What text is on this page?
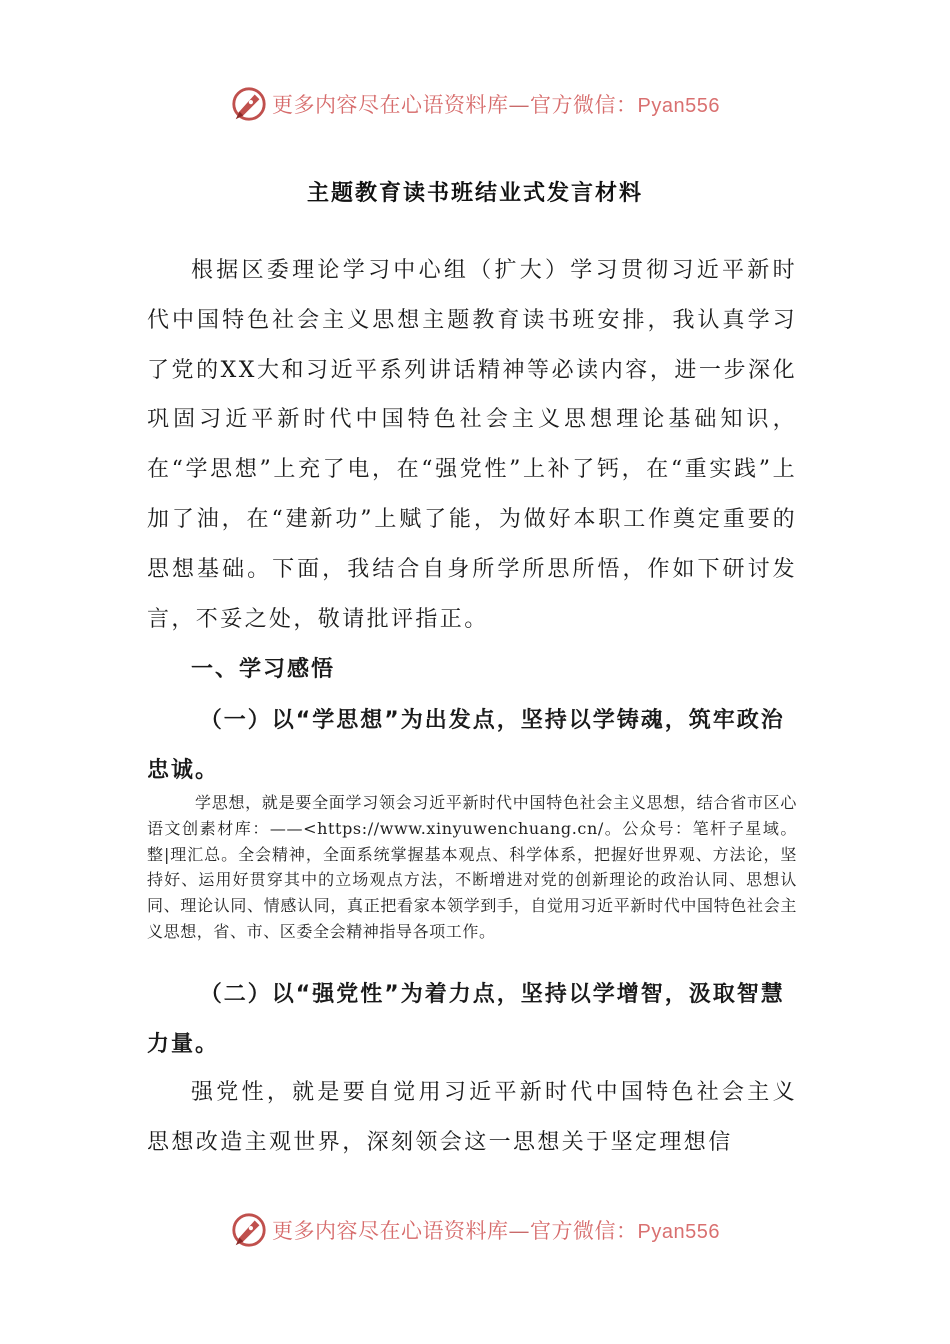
更多内容尽在心语资料库—官方微信：Pyan556
主题教育读书班结业式发言材料
根据区委理论学习中心组（扩大）学习贯彻习近平新时代中国特色社会主义思想主题教育读书班安排，我认真学习了党的XX大和习近平系列讲话精神等必读内容，进一步深化巩固习近平新时代中国特色社会主义思想理论基础知识，在“学思想”上充了电，在“强党性”上补了钙，在“重实践”上加了油，在“建新功”上赋了能，为做好本职工作奠定重要的思想基础。下面，我结合自身所学所思所悟，作如下研讨发言，不妥之处，敬请批评指正。
一、学习感悟
（一）以“学思想”为出发点，坚持以学铸魂，筑牢政治忠诚。
学思想，就是要全面学习领会习近平新时代中国特色社会主义思想，结合省市区心语文创素材库：——<https://www.xinyuwenchuang.cn/。公众号：笔杆子星域。整|理汇总。全会精神，全面系统掌握基本观点、科学体系，把握好世界观、方法论，坚持好、运用好贯穿其中的立场观点方法，不断增进对党的创新理论的政治认同、思想认同、理论认同、情感认同，真正把看家本领学到手，自觉用习近平新时代中国特色社会主义思想，省、市、区委全会精神指导各项工作。
（二）以“强党性”为着力点，坚持以学增智，汲取智慧力量。
强党性，就是要自觉用习近平新时代中国特色社会主义思想改造主观世界，深刻领会这一思想关于坚定理想信
更多内容尽在心语资料库—官方微信：Pyan556
